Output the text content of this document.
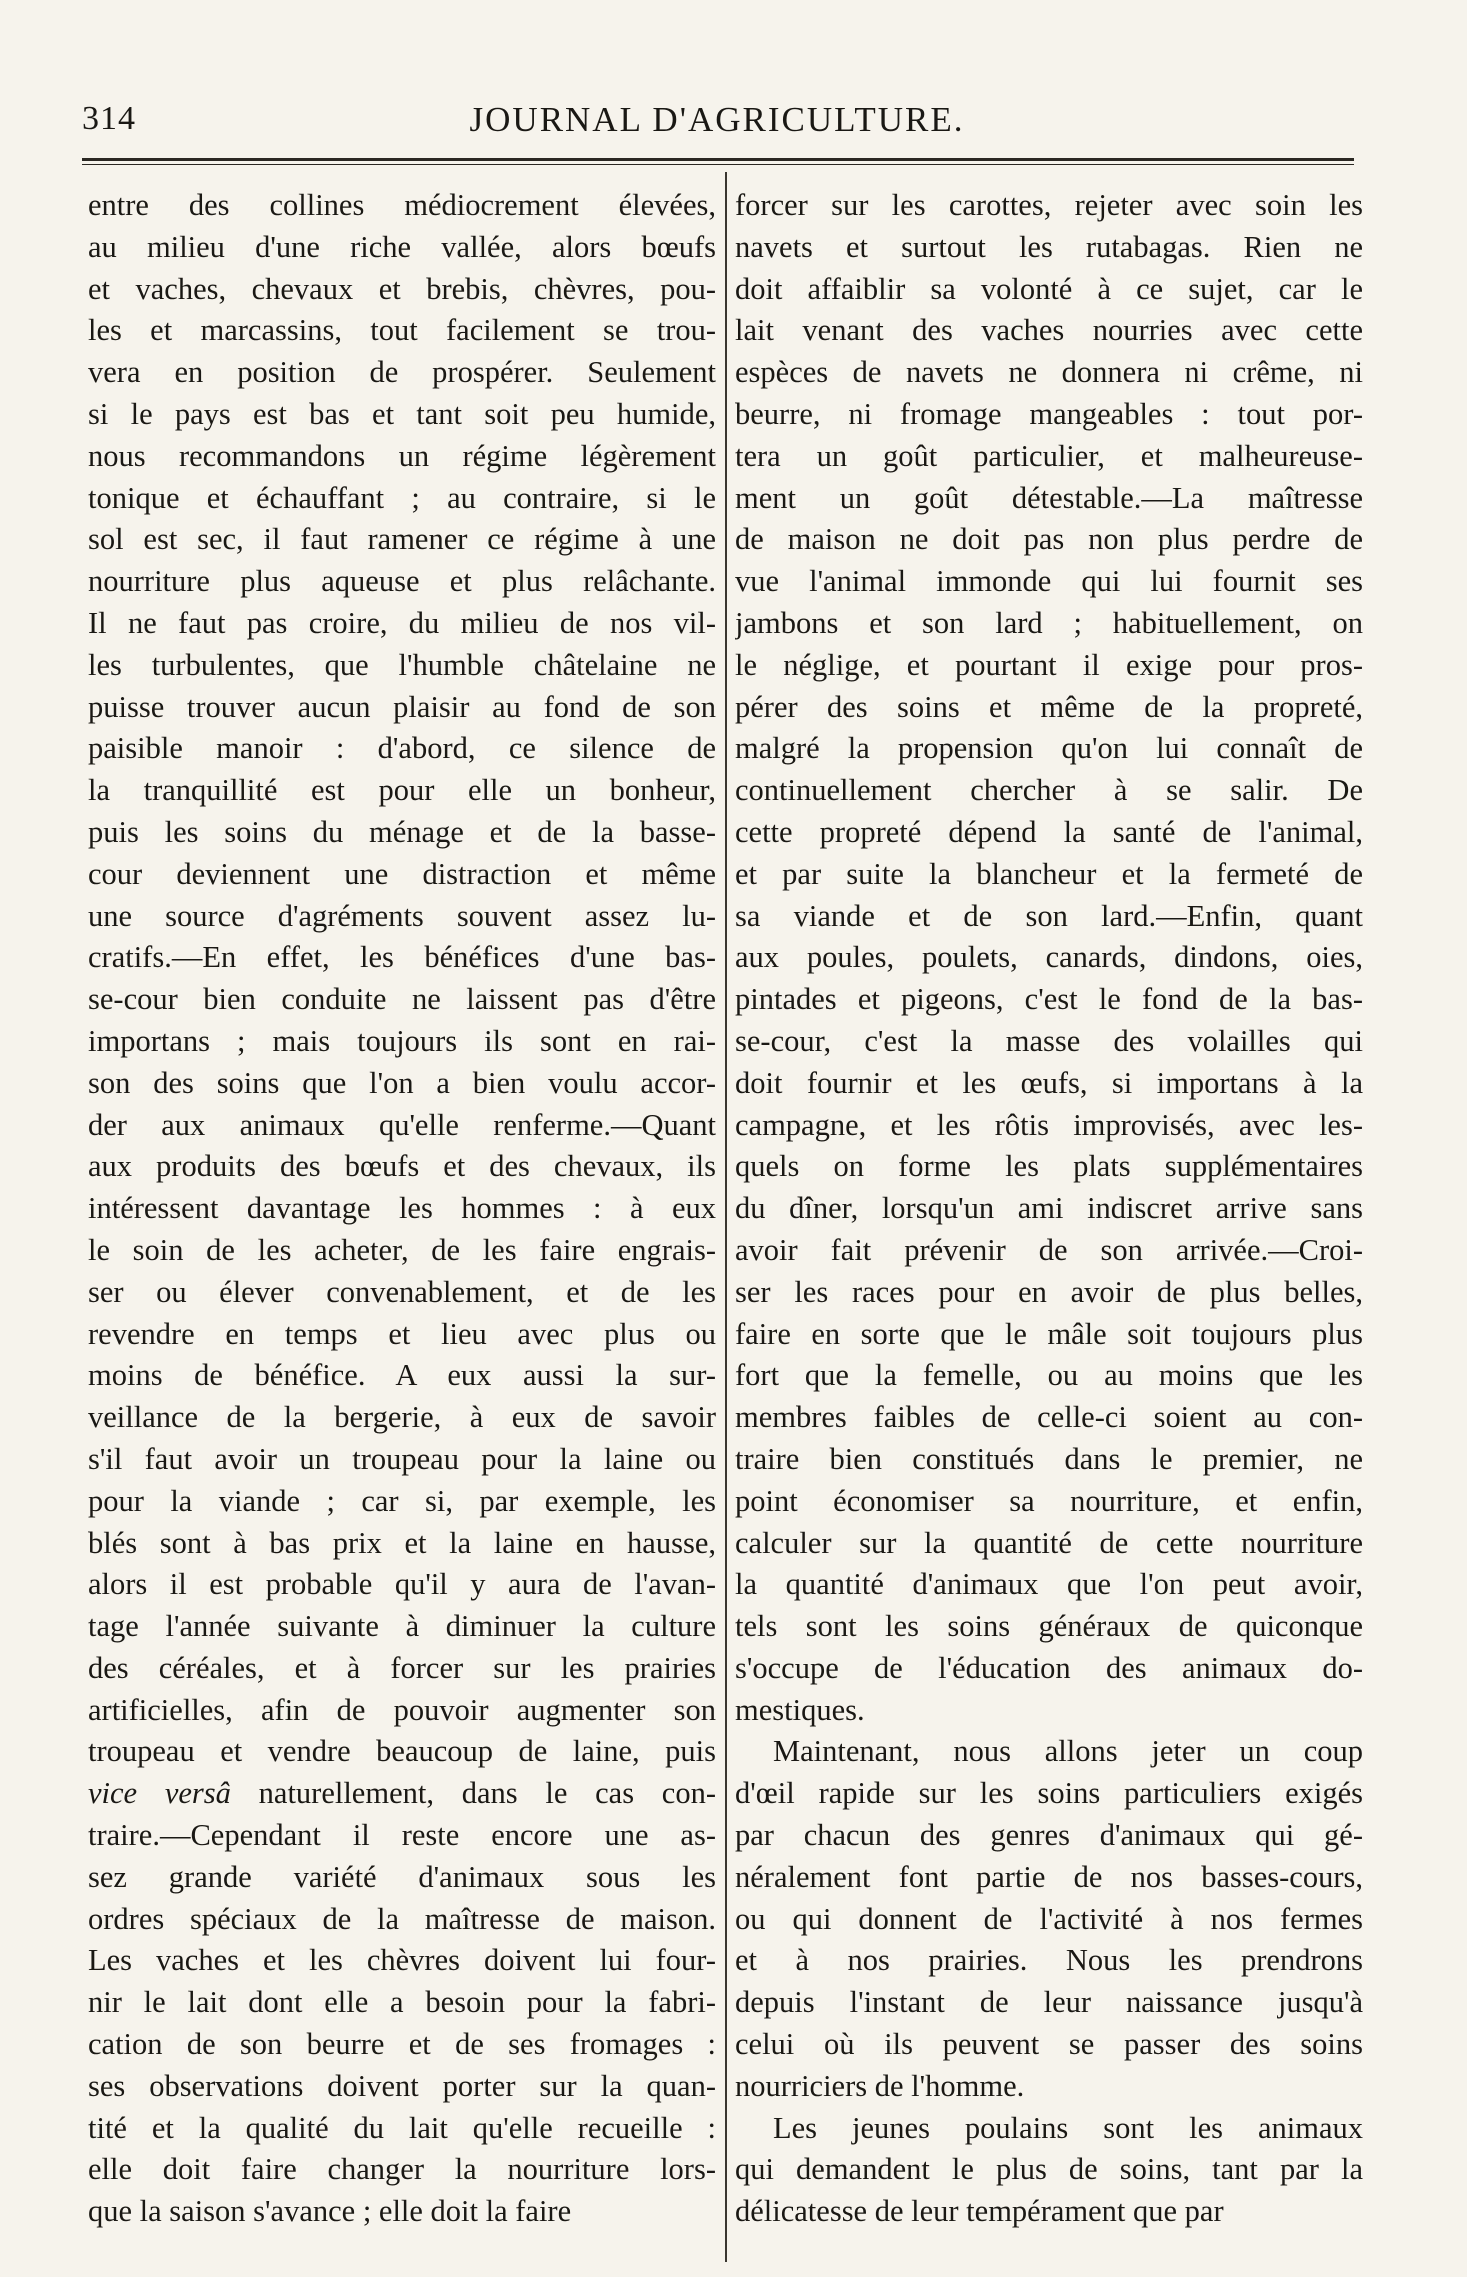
314	JOURNAL D'AGRICULTURE.
entre des collines médiocrement élevées,
au milieu d'une riche vallée, alors bœufs
et vaches, chevaux et brebis, chèvres, pou-
les et marcassins, tout facilement se trou-
vera en position de prospérer. Seulement
si le pays est bas et tant soit peu humide,
nous recommandons un régime légèrement
tonique et échauffant ; au contraire, si le
sol est sec, il faut ramener ce régime à une
nourriture plus aqueuse et plus relâchante.
Il ne faut pas croire, du milieu de nos vil-
les turbulentes, que l'humble châtelaine ne
puisse trouver aucun plaisir au fond de son
paisible manoir : d'abord, ce silence de
la tranquillité est pour elle un bonheur,
puis les soins du ménage et de la basse-
cour deviennent une distraction et même
une source d'agréments souvent assez lu-
cratifs.—En effet, les bénéfices d'une bas-
se-cour bien conduite ne laissent pas d'être
importans ; mais toujours ils sont en rai-
son des soins que l'on a bien voulu accor-
der aux animaux qu'elle renferme.—Quant
aux produits des bœufs et des chevaux, ils
intéressent davantage les hommes : à eux
le soin de les acheter, de les faire engrais-
ser ou élever convenablement, et de les
revendre en temps et lieu avec plus ou
moins de bénéfice. A eux aussi la sur-
veillance de la bergerie, à eux de savoir
s'il faut avoir un troupeau pour la laine ou
pour la viande ; car si, par exemple, les
blés sont à bas prix et la laine en hausse,
alors il est probable qu'il y aura de l'avan-
tage l'année suivante à diminuer la culture
des céréales, et à forcer sur les prairies
artificielles, afin de pouvoir augmenter son
troupeau et vendre beaucoup de laine, puis
vice versâ naturellement, dans le cas con-
traire.—Cependant il reste encore une as-
sez grande variété d'animaux sous les
ordres spéciaux de la maîtresse de maison.
Les vaches et les chèvres doivent lui four-
nir le lait dont elle a besoin pour la fabri-
cation de son beurre et de ses fromages :
ses observations doivent porter sur la quan-
tité et la qualité du lait qu'elle recueille :
elle doit faire changer la nourriture lors-
que la saison s'avance ; elle doit la faire
forcer sur les carottes, rejeter avec soin les
navets et surtout les rutabagas. Rien ne
doit affaiblir sa volonté à ce sujet, car le
lait venant des vaches nourries avec cette
espèces de navets ne donnera ni crême, ni
beurre, ni fromage mangeables : tout por-
tera un goût particulier, et malheureuse-
ment un goût détestable.—La maîtresse
de maison ne doit pas non plus perdre de
vue l'animal immonde qui lui fournit ses
jambons et son lard ; habituellement, on
le néglige, et pourtant il exige pour pros-
pérer des soins et même de la propreté,
malgré la propension qu'on lui connaît de
continuellement chercher à se salir. De
cette propreté dépend la santé de l'animal,
et par suite la blancheur et la fermeté de
sa viande et de son lard.—Enfin, quant
aux poules, poulets, canards, dindons, oies,
pintades et pigeons, c'est le fond de la bas-
se-cour, c'est la masse des volailles qui
doit fournir et les œufs, si importans à la
campagne, et les rôtis improvisés, avec les-
quels on forme les plats supplémentaires
du dîner, lorsqu'un ami indiscret arrive sans
avoir fait prévenir de son arrivée.—Croi-
ser les races pour en avoir de plus belles,
faire en sorte que le mâle soit toujours plus
fort que la femelle, ou au moins que les
membres faibles de celle-ci soient au con-
traire bien constitués dans le premier, ne
point économiser sa nourriture, et enfin,
calculer sur la quantité de cette nourriture
la quantité d'animaux que l'on peut avoir,
tels sont les soins généraux de quiconque
s'occupe de l'éducation des animaux do-
mestiques.
Maintenant, nous allons jeter un coup
d'œil rapide sur les soins particuliers exigés
par chacun des genres d'animaux qui gé-
néralement font partie de nos basses-cours,
ou qui donnent de l'activité à nos fermes
et à nos prairies. Nous les prendrons
depuis l'instant de leur naissance jusqu'à
celui où ils peuvent se passer des soins
nourriciers de l'homme.
Les jeunes poulains sont les animaux
qui demandent le plus de soins, tant par la
délicatesse de leur tempérament que par
